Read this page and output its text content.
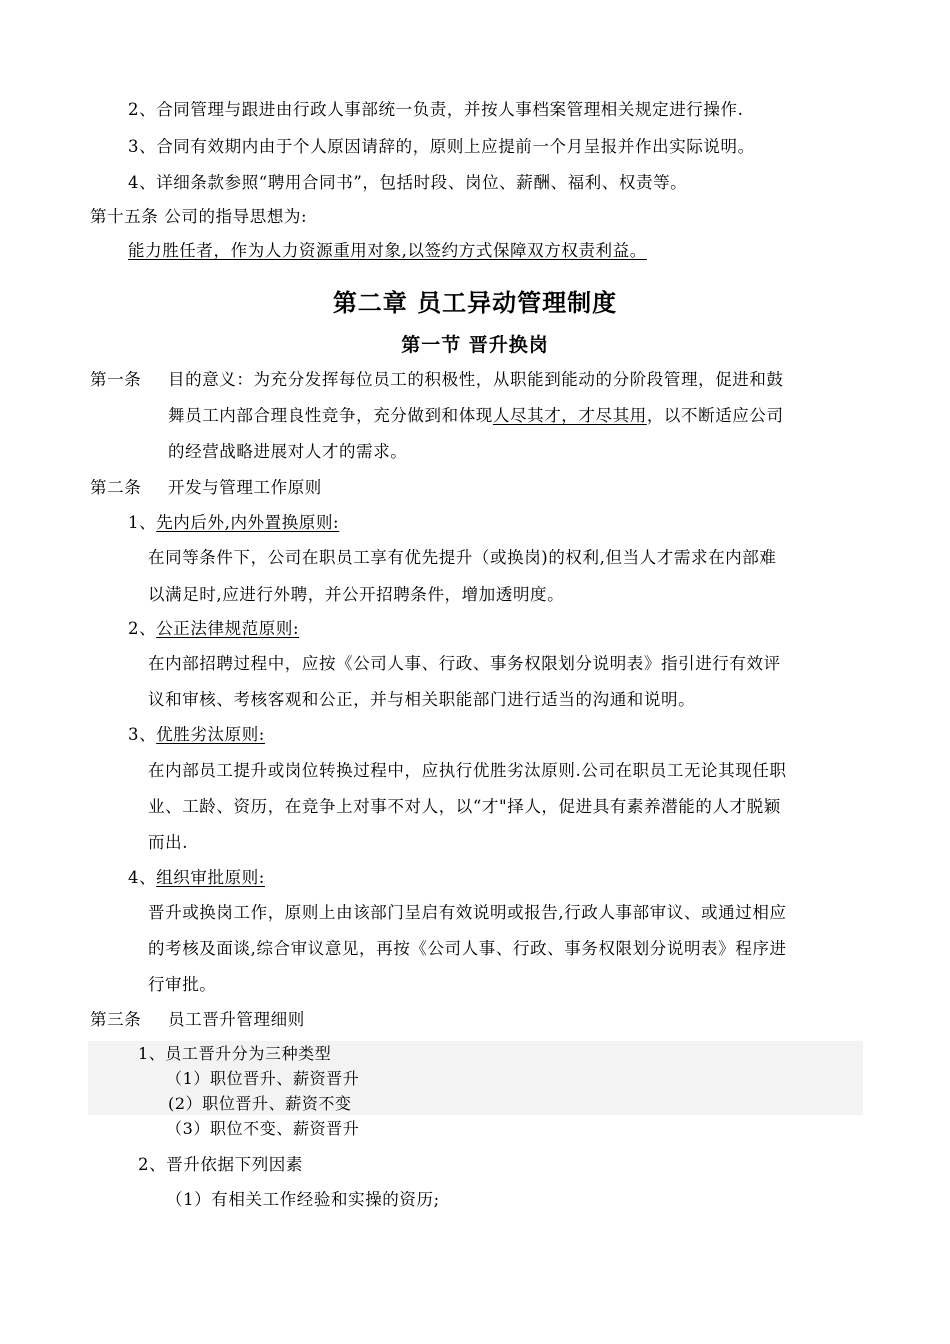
2、合同管理与跟进由行政人事部统一负责，并按人事档案管理相关规定进行操作.
3、合同有效期内由于个人原因请辞的，原则上应提前一个月呈报并作出实际说明。
4、详细条款参照“聘用合同书”，包括时段、岗位、薪酬、福利、权责等。
第十五条 公司的指导思想为:
能力胜任者，作为人力资源重用对象,以签约方式保障双方权责利益。
第二章 员工异动管理制度
第一节 晋升换岗
第一条 目的意义：为充分发挥每位员工的积极性，从职能到能动的分阶段管理，促进和鼓
舞员工内部合理良性竞争，充分做到和体现人尽其才，才尽其用，以不断适应公司
的经营战略进展对人才的需求。
第二条 开发与管理工作原则
1、先内后外,内外置换原则:
在同等条件下，公司在职员工享有优先提升（或换岗)的权利,但当人才需求在内部难
以满足时,应进行外聘，并公开招聘条件，增加透明度。
2、公正法律规范原则:
在内部招聘过程中，应按《公司人事、行政、事务权限划分说明表》指引进行有效评
议和审核、考核客观和公正，并与相关职能部门进行适当的沟通和说明。
3、优胜劣汰原则:
在内部员工提升或岗位转换过程中，应执行优胜劣汰原则.公司在职员工无论其现任职
业、工龄、资历，在竞争上对事不对人，以“才"择人，促进具有素养潜能的人才脱颖
而出.
4、组织审批原则:
晋升或换岗工作，原则上由该部门呈启有效说明或报告,行政人事部审议、或通过相应
的考核及面谈,综合审议意见，再按《公司人事、行政、事务权限划分说明表》程序进
行审批。
第三条 员工晋升管理细则
1、员工晋升分为三种类型
（1）职位晋升、薪资晋升
(2）职位晋升、薪资不变
（3）职位不变、薪资晋升
2、晋升依据下列因素
（1）有相关工作经验和实操的资历;
